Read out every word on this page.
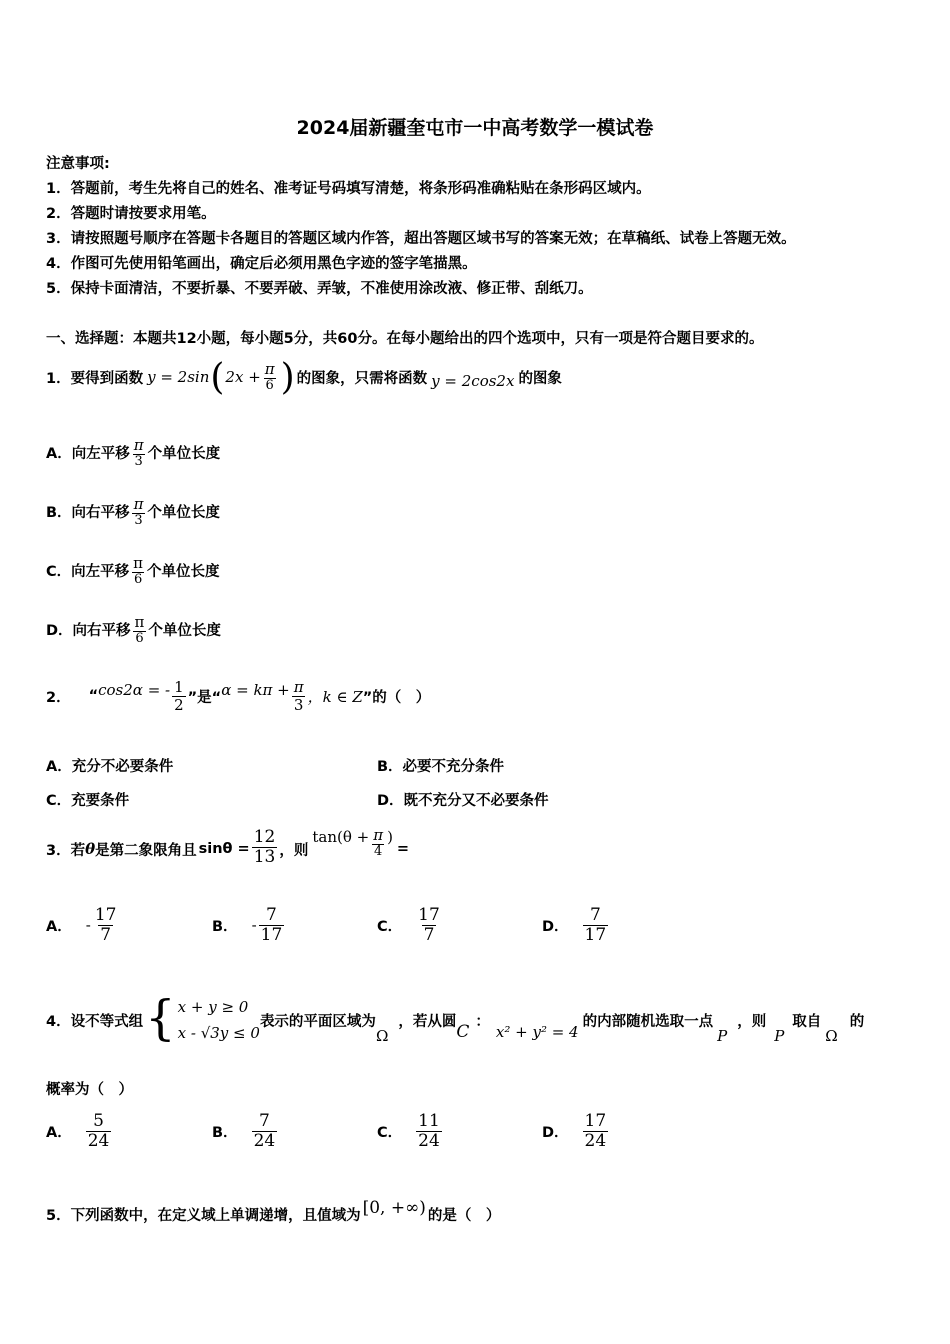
2024届新疆奎屯市一中高考数学一模试卷
注意事项:
1．答题前，考生先将自己的姓名、准考证号码填写清楚，将条形码准确粘贴在条形码区域内。
2．答题时请按要求用笔。
3．请按照题号顺序在答题卡各题目的答题区域内作答，超出答题区域书写的答案无效；在草稿纸、试卷上答题无效。
4．作图可先使用铅笔画出，确定后必须用黑色字迹的签字笔描黑。
5．保持卡面清洁，不要折暴、不要弄破、弄皱，不准使用涂改液、修正带、刮纸刀。
一、选择题：本题共12小题，每小题5分，共60分。在每小题给出的四个选项中，只有一项是符合题目要求的。
1．要得到函数 y = 2sin ( $2x + \frac{\pi}{6}$ ) 的图象，只需将函数 y = 2cos2x 的图象
A．向左平移 $\frac{\pi}{3}$ 个单位长度
B．向右平移 $\frac{\pi}{3}$ 个单位长度
C．向左平移 $\frac{\pi}{6}$ 个单位长度
D．向右平移 $\frac{\pi}{6}$ 个单位长度
2． “ cos2α = - $\frac{1}{2}$ ”是“ $\alpha = k\pi + \frac{\pi}{3}$ ，k ∈ Z ”的（　）
A．充分不必要条件	B．必要不充分条件
C．充要条件	D．既不充分又不必要条件
3．若 θ 是第二象限角且 $\sin\theta = \frac{12}{13}$ ，则
$\tan(\theta + \frac{\pi}{4}$ )
=
A． - $\frac{17}{7}$	B． - $\frac{7}{17}$	C． $\frac{17}{7}$	D． $\frac{7}{17}$
4．设不等式组 { x + y ≥ 0
x - √3y ≤ 0
表示的平面区域为
Ω
，若从圆
C
：
x² + y² = 4
的内部随机选取一点
P
，则
P
取自
Ω
的
概率为（　）
A． $\frac{5}{24}$	B． $\frac{7}{24}$	C． $\frac{11}{24}$	D． $\frac{17}{24}$
5．下列函数中，在定义域上单调递增，且值域为 [0, +∞) 的是（　）
